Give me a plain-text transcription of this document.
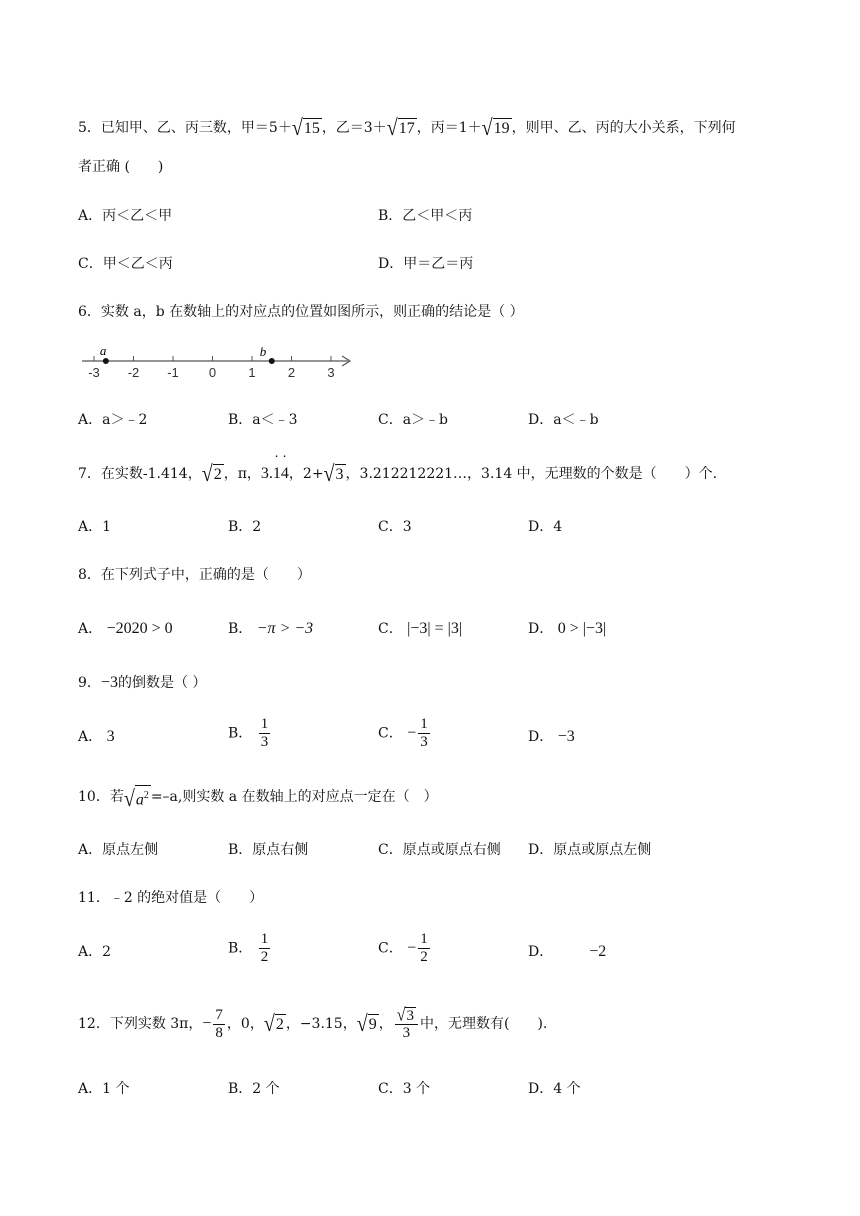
5．已知甲、乙、丙三数，甲＝5＋ √ 15 ，乙＝3＋ √ 17 ，丙＝1＋ √ 19 ，则甲、乙、丙的大小关系，下列何
者正确 (　　)
A．丙＜乙＜甲	B．乙＜甲＜丙
C．甲＜乙＜丙	D．甲＝乙＝丙
6．实数 a，b 在数轴上的对应点的位置如图所示，则正确的结论是（ ）
-3 -2 -1 0 1 2 3
a	b
A．a＞﹣2	B．a＜﹣3	C．a＞﹣b	D．a＜﹣b
7．在实数-1.414， √ 2 ，π，3.1 ˙4 ˙，2+ √ 3 ，3.212212221…，3.14 中，无理数的个数是（　　）个.
A．1	B．2	C．3	D．4
8．在下列式子中，正确的是（　　）
A． −2020 > 0	B． −π > −3	C． |−3| = |3|	D． 0 > |−3|
9．−3的倒数是（ ）
A． 3	B． $\frac{1}{3}$	C． − $\frac{1}{3}$	D． −3
10．若 √ $a^2 =-a$,则实数 a 在数轴上的对应点一定在（　）
A．原点左侧	B．原点右侧	C．原点或原点右侧 D．原点或原点左侧
11．﹣2 的绝对值是（　　）
A．2	B． $\frac{1}{2}$	C． − $\frac{1}{2}$	D． −2
12．下列实数 3π，− $\frac{7}{8}$ ，0， √ 2 ，−3.15， √ 9 ， $\frac{√ 3}{3}$ 中，无理数有(　　).
A．1 个	B．2 个	C．3 个	D．4 个
